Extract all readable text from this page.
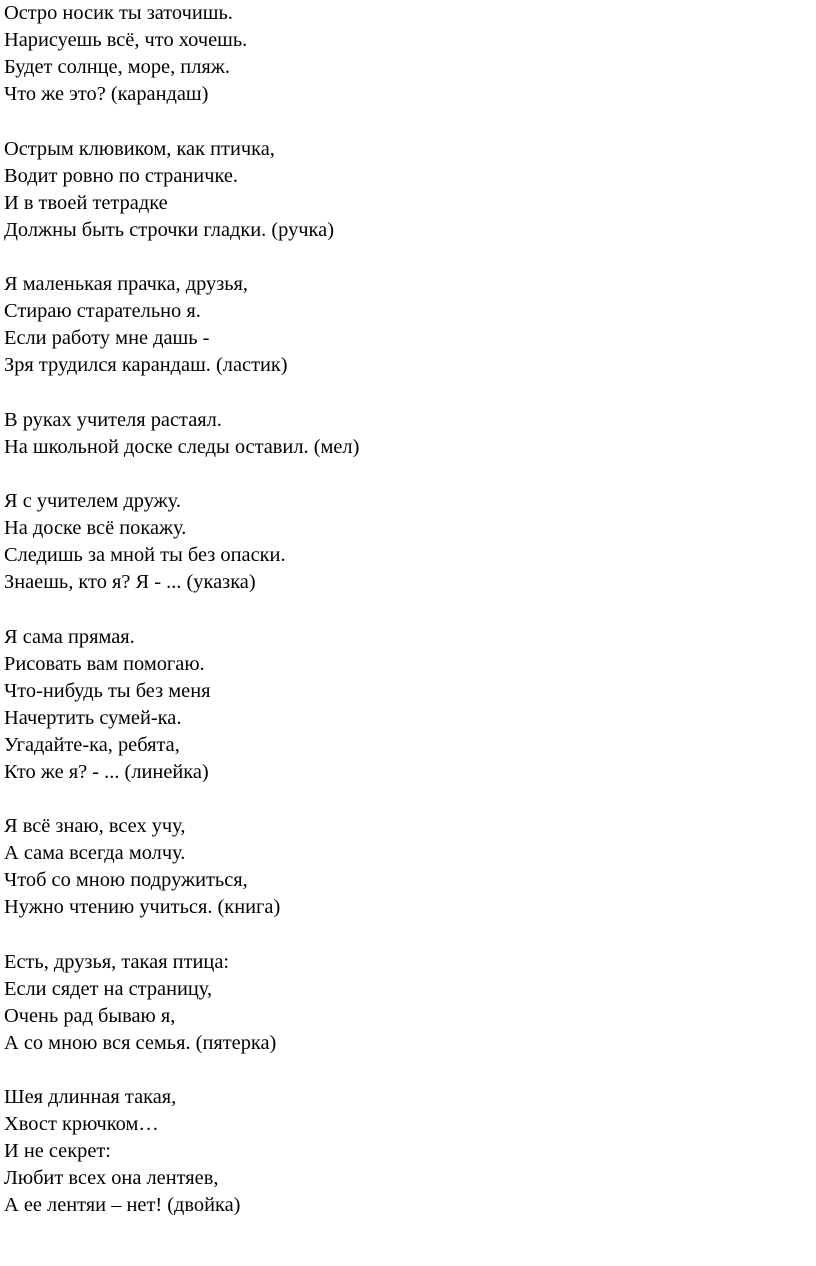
Остро носик ты заточишь.
Нарисуешь всё, что хочешь.
Будет солнце, море, пляж.
Что же это? (карандаш)
Острым клювиком, как птичка,
Водит ровно по страничке.
И в твоей тетрадке
Должны быть строчки гладки. (ручка)
Я маленькая прачка, друзья,
Стираю старательно я.
Если работу мне дашь -
Зря трудился карандаш. (ластик)
В руках учителя растаял.
На школьной доске следы оставил. (мел)
Я с учителем дружу.
На доске всё покажу.
Следишь за мной ты без опаски.
Знаешь, кто я? Я - ... (указка)
Я сама прямая.
Рисовать вам помогаю.
Что-нибудь ты без меня
Начертить сумей-ка.
Угадайте-ка, ребята,
Кто же я? - ... (линейка)
Я всё знаю, всех учу,
А сама всегда молчу.
Чтоб со мною подружиться,
Нужно чтению учиться. (книга)
Есть, друзья, такая птица:
Если сядет на страницу,
Очень рад бываю я,
А со мною вся семья. (пятерка)
Шея длинная такая,
Хвост крючком…
И не секрет:
Любит всех она лентяев,
А ее лентяи – нет! (двойка)
